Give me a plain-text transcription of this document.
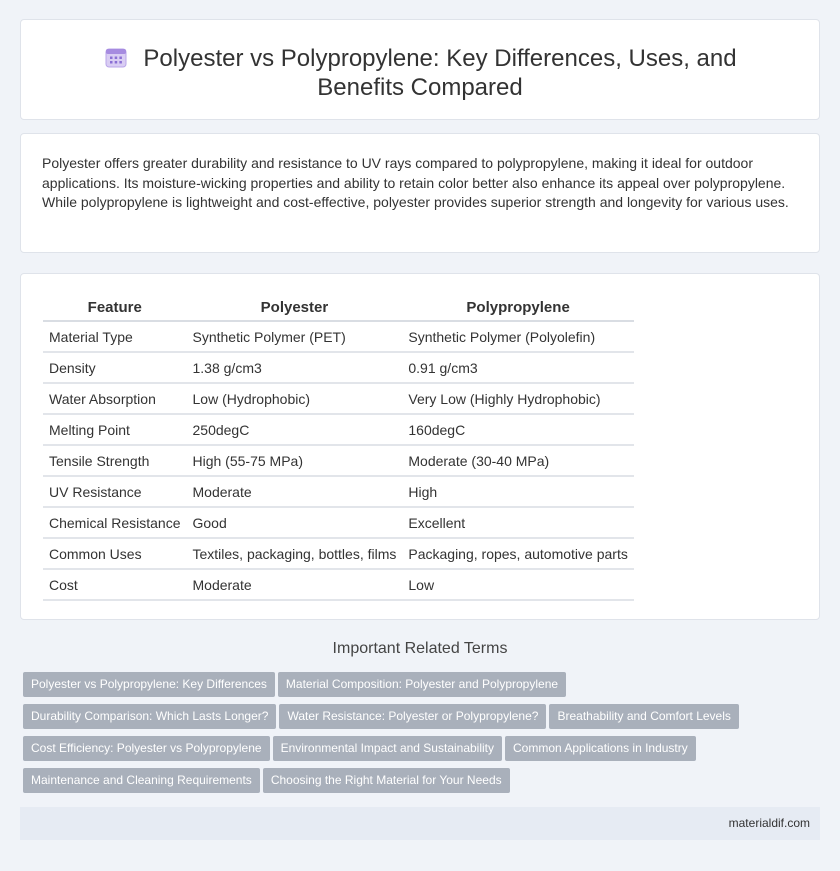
Polyester vs Polypropylene: Key Differences, Uses, and Benefits Compared

Polyester offers greater durability and resistance to UV rays compared to polypropylene, making it ideal for outdoor applications. Its moisture-wicking properties and ability to retain color better also enhance its appeal over polypropylene. While polypropylene is lightweight and cost-effective, polyester provides superior strength and longevity for various uses.

Feature	Polyester	Polypropylene
Material Type	Synthetic Polymer (PET)	Synthetic Polymer (Polyolefin)
Density	1.38 g/cm3	0.91 g/cm3
Water Absorption	Low (Hydrophobic)	Very Low (Highly Hydrophobic)
Melting Point	250degC	160degC
Tensile Strength	High (55-75 MPa)	Moderate (30-40 MPa)
UV Resistance	Moderate	High
Chemical Resistance	Good	Excellent
Common Uses	Textiles, packaging, bottles, films	Packaging, ropes, automotive parts
Cost	Moderate	Low
Important Related Terms
Polyester vs Polypropylene: Key Differences Material Composition: Polyester and Polypropylene
Durability Comparison: Which Lasts Longer? Water Resistance: Polyester or Polypropylene? Breathability and Comfort Levels
Cost Efficiency: Polyester vs Polypropylene Environmental Impact and Sustainability Common Applications in Industry
Maintenance and Cleaning Requirements Choosing the Right Material for Your Needs
materialdif.com
